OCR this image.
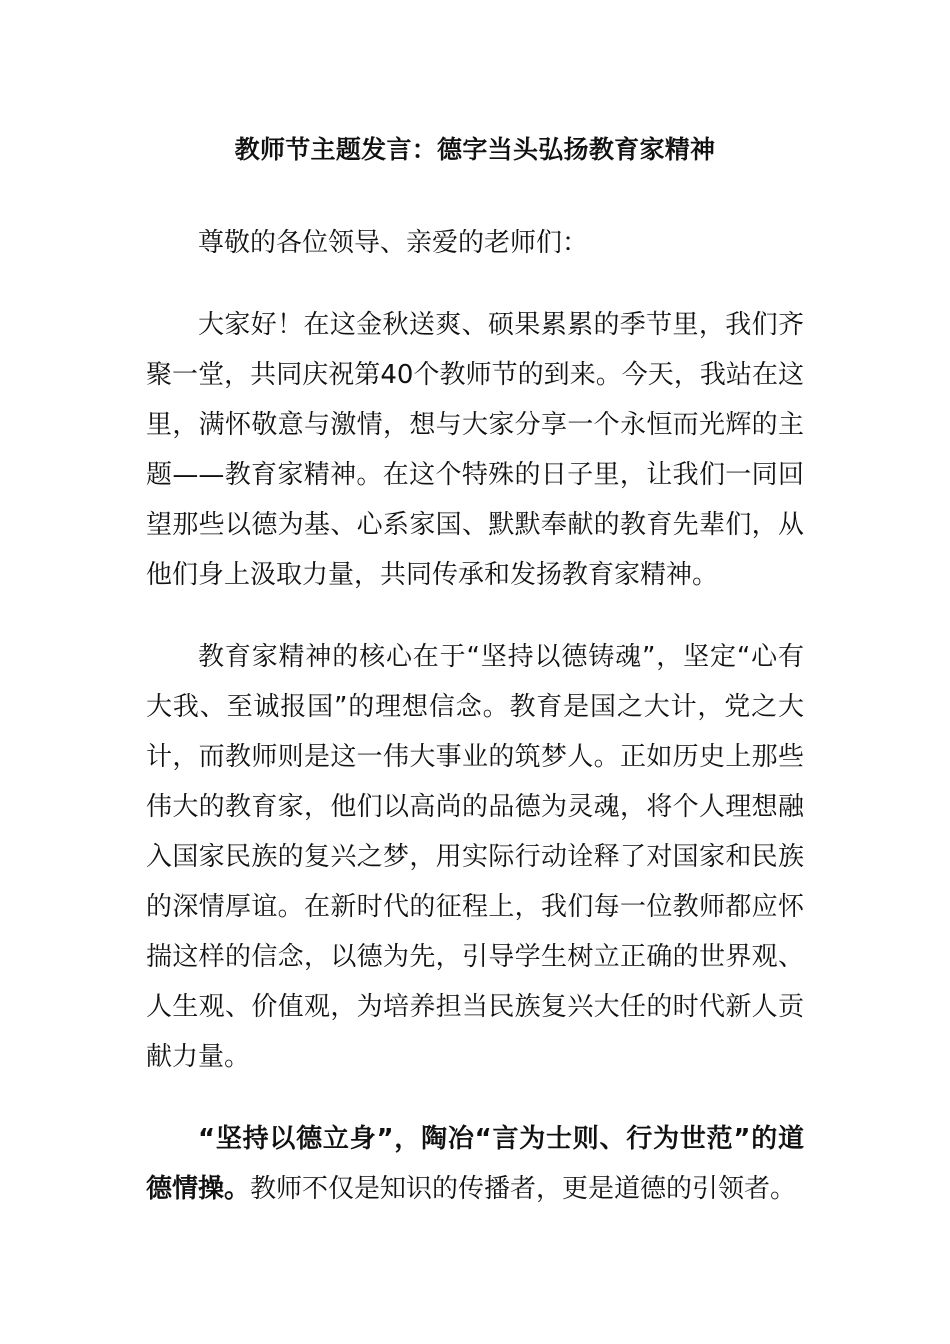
教师节主题发言：德字当头弘扬教育家精神

尊敬的各位领导、亲爱的老师们：

大家好！在这金秋送爽、硕果累累的季节里，我们齐聚一堂，共同庆祝第40个教师节的到来。今天，我站在这里，满怀敬意与激情，想与大家分享一个永恒而光辉的主题——教育家精神。在这个特殊的日子里，让我们一同回望那些以德为基、心系家国、默默奉献的教育先辈们，从他们身上汲取力量，共同传承和发扬教育家精神。

教育家精神的核心在于“坚持以德铸魂”，坚定“心有大我、至诚报国”的理想信念。教育是国之大计，党之大计，而教师则是这一伟大事业的筑梦人。正如历史上那些伟大的教育家，他们以高尚的品德为灵魂，将个人理想融入国家民族的复兴之梦，用实际行动诠释了对国家和民族的深情厚谊。在新时代的征程上，我们每一位教师都应怀揣这样的信念，以德为先，引导学生树立正确的世界观、人生观、价值观，为培养担当民族复兴大任的时代新人贡献力量。

“坚持以德立身”，陶冶“言为士则、行为世范”的道德情操。教师不仅是知识的传播者，更是道德的引领者。
